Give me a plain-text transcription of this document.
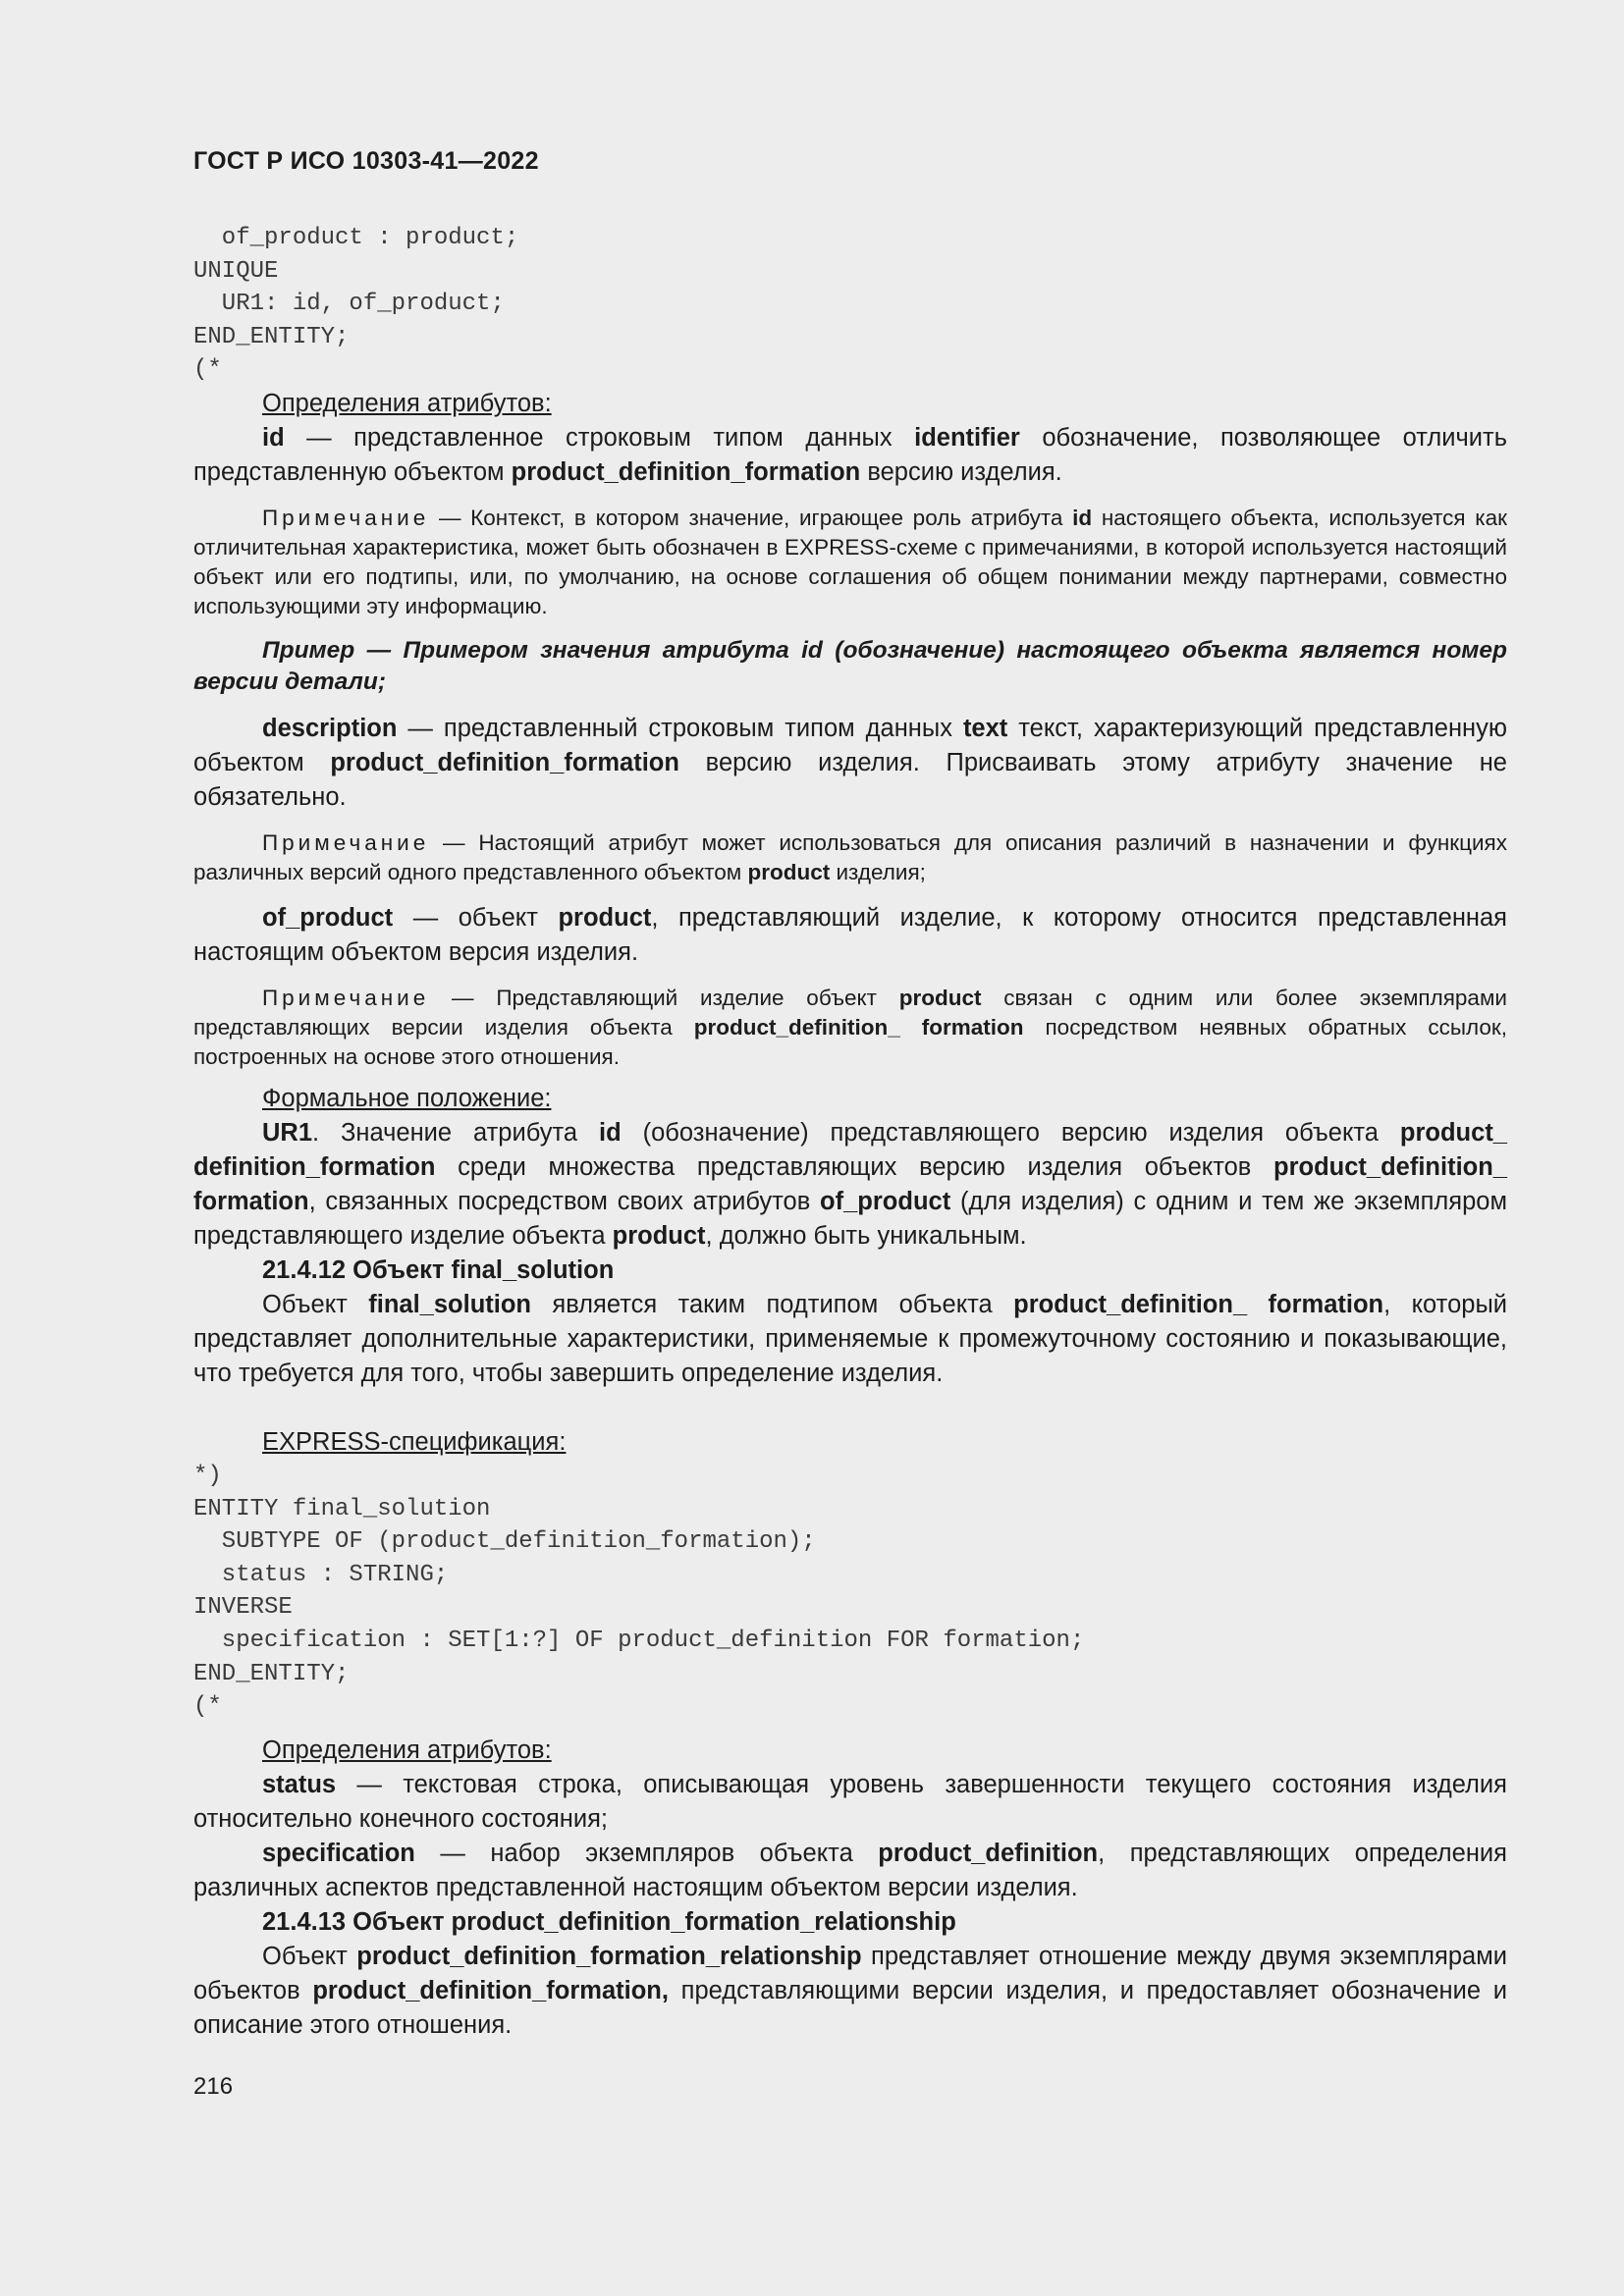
ГОСТ Р ИСО 10303-41—2022
of_product : product;
UNIQUE
UR1: id, of_product;
END_ENTITY;
(*

Определения атрибутов:

id — представленное строковым типом данных identifier обозначение, позволяющее отличить представленную объектом product_definition_formation версию изделия.

Примечание — Контекст, в котором значение, играющее роль атрибута id настоящего объекта, используется как отличительная характеристика, может быть обозначен в EXPRESS-схеме с примечаниями, в которой используется настоящий объект или его подтипы, или, по умолчанию, на основе соглашения об общем понимании между партнерами, совместно использующими эту информацию.

Пример — Примером значения атрибута id (обозначение) настоящего объекта является номер версии детали;

description — представленный строковым типом данных text текст, характеризующий представленную объектом product_definition_formation версию изделия. Присваивать этому атрибуту значение не обязательно.

Примечание — Настоящий атрибут может использоваться для описания различий в назначении и функциях различных версий одного представленного объектом product изделия;

of_product — объект product, представляющий изделие, к которому относится представленная настоящим объектом версия изделия.

Примечание — Представляющий изделие объект product связан с одним или более экземплярами представляющих версии изделия объекта product_definition_ formation посредством неявных обратных ссылок, построенных на основе этого отношения.

Формальное положение:

UR1. Значение атрибута id (обозначение) представляющего версию изделия объекта product_ definition_formation среди множества представляющих версию изделия объектов product_definition_ formation, связанных посредством своих атрибутов of_product (для изделия) с одним и тем же экземпляром представляющего изделие объекта product, должно быть уникальным.

21.4.12 Объект final_solution

Объект final_solution является таким подтипом объекта product_definition_ formation, который представляет дополнительные характеристики, применяемые к промежуточному состоянию и показывающие, что требуется для того, чтобы завершить определение изделия.

EXPRESS-спецификация:

*)
ENTITY final_solution
SUBTYPE OF (product_definition_formation);
status : STRING;
INVERSE
specification : SET[1:?] OF product_definition FOR formation;
END_ENTITY;
(*

Определения атрибутов:

status — текстовая строка, описывающая уровень завершенности текущего состояния изделия относительно конечного состояния;

specification — набор экземпляров объекта product_definition, представляющих определения различных аспектов представленной настоящим объектом версии изделия.

21.4.13 Объект product_definition_formation_relationship

Объект product_definition_formation_relationship представляет отношение между двумя экземплярами объектов product_definition_formation, представляющими версии изделия, и предоставляет обозначение и описание этого отношения.

216
